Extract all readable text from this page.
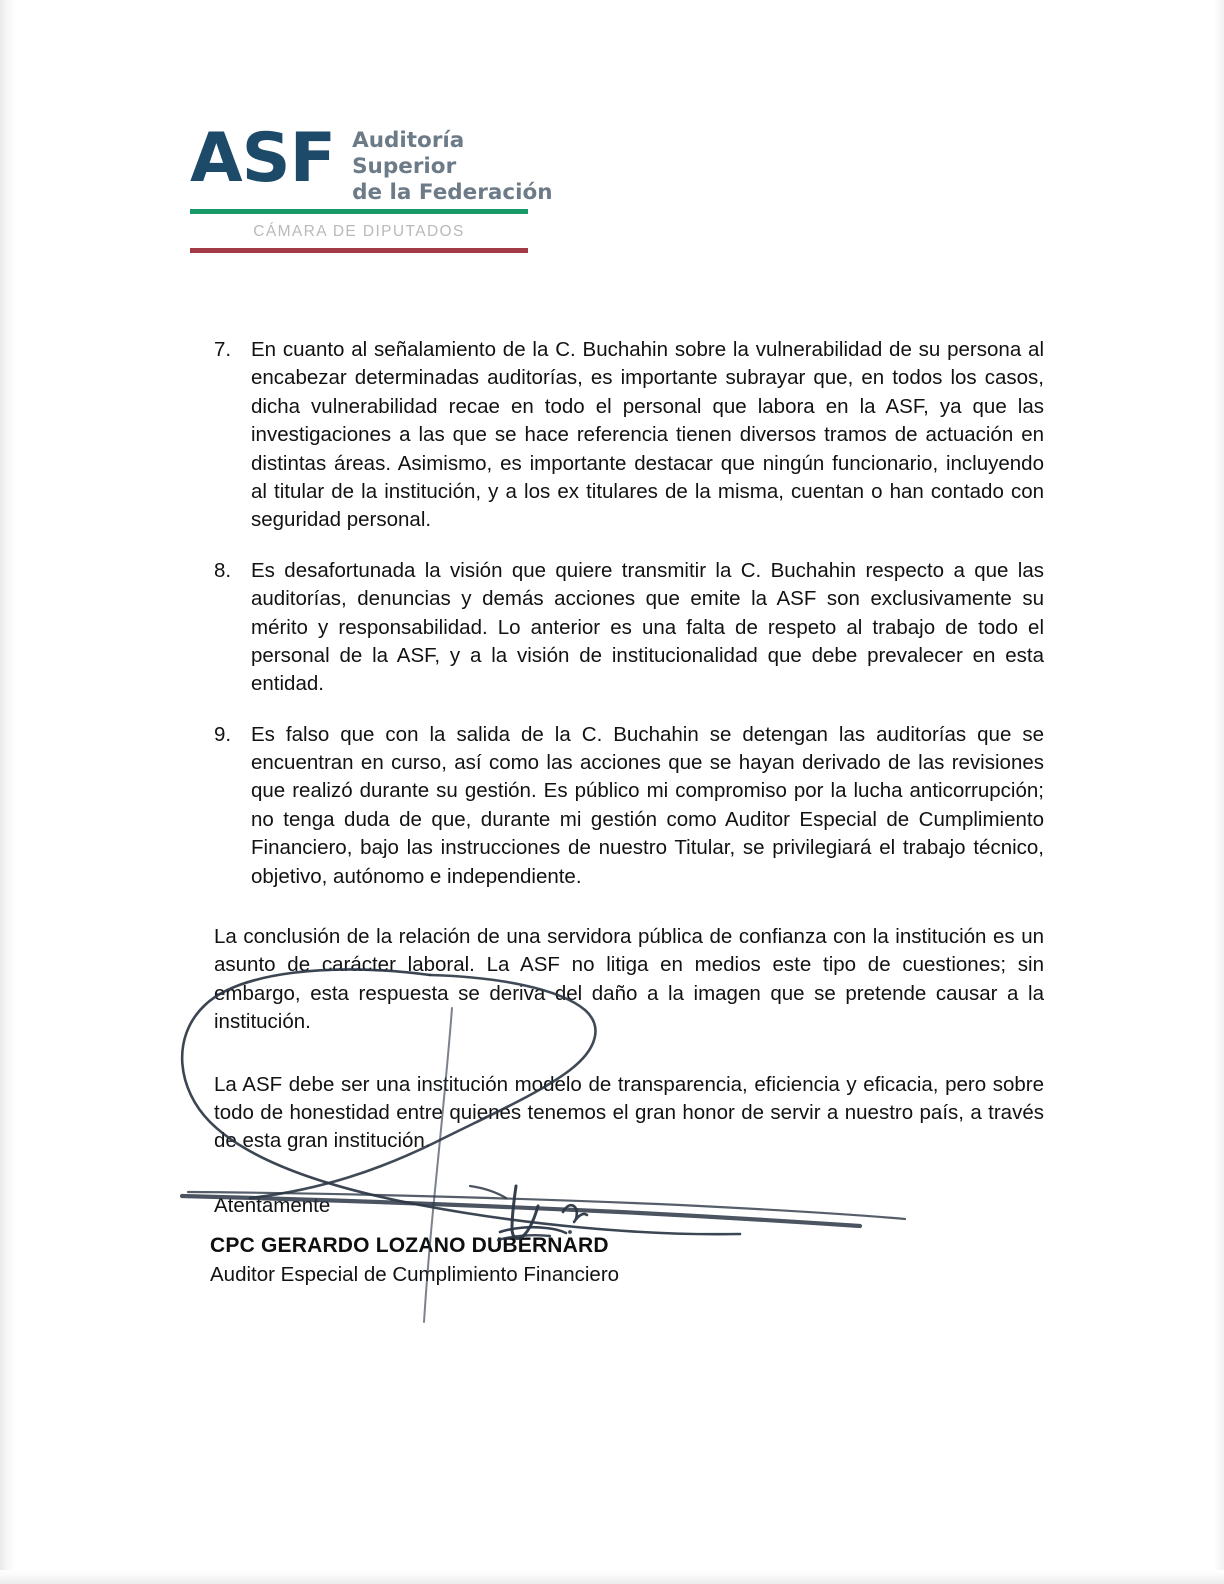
ASF Auditoría
Superior
de la Federación
CÁMARA DE DIPUTADOS
7. En cuanto al señalamiento de la C. Buchahin sobre la vulnerabilidad de su persona al encabezar determinadas auditorías, es importante subrayar que, en todos los casos, dicha vulnerabilidad recae en todo el personal que labora en la ASF, ya que las investigaciones a las que se hace referencia tienen diversos tramos de actuación en distintas áreas. Asimismo, es importante destacar que ningún funcionario, incluyendo al titular de la institución, y a los ex titulares de la misma, cuentan o han contado con seguridad personal.
8. Es desafortunada la visión que quiere transmitir la C. Buchahin respecto a que las auditorías, denuncias y demás acciones que emite la ASF son exclusivamente su mérito y responsabilidad. Lo anterior es una falta de respeto al trabajo de todo el personal de la ASF, y a la visión de institucionalidad que debe prevalecer en esta entidad.
9. Es falso que con la salida de la C. Buchahin se detengan las auditorías que se encuentran en curso, así como las acciones que se hayan derivado de las revisiones que realizó durante su gestión. Es público mi compromiso por la lucha anticorrupción; no tenga duda de que, durante mi gestión como Auditor Especial de Cumplimiento Financiero, bajo las instrucciones de nuestro Titular, se privilegiará el trabajo técnico, objetivo, autónomo e independiente.
La conclusión de la relación de una servidora pública de confianza con la institución es un asunto de carácter laboral. La ASF no litiga en medios este tipo de cuestiones; sin embargo, esta respuesta se deriva del daño a la imagen que se pretende causar a la institución.
La ASF debe ser una institución modelo de transparencia, eficiencia y eficacia, pero sobre todo de honestidad entre quienes tenemos el gran honor de servir a nuestro país, a través de esta gran institución.
Atentamente
CPC GERARDO LOZANO DUBERNARD
Auditor Especial de Cumplimiento Financiero
